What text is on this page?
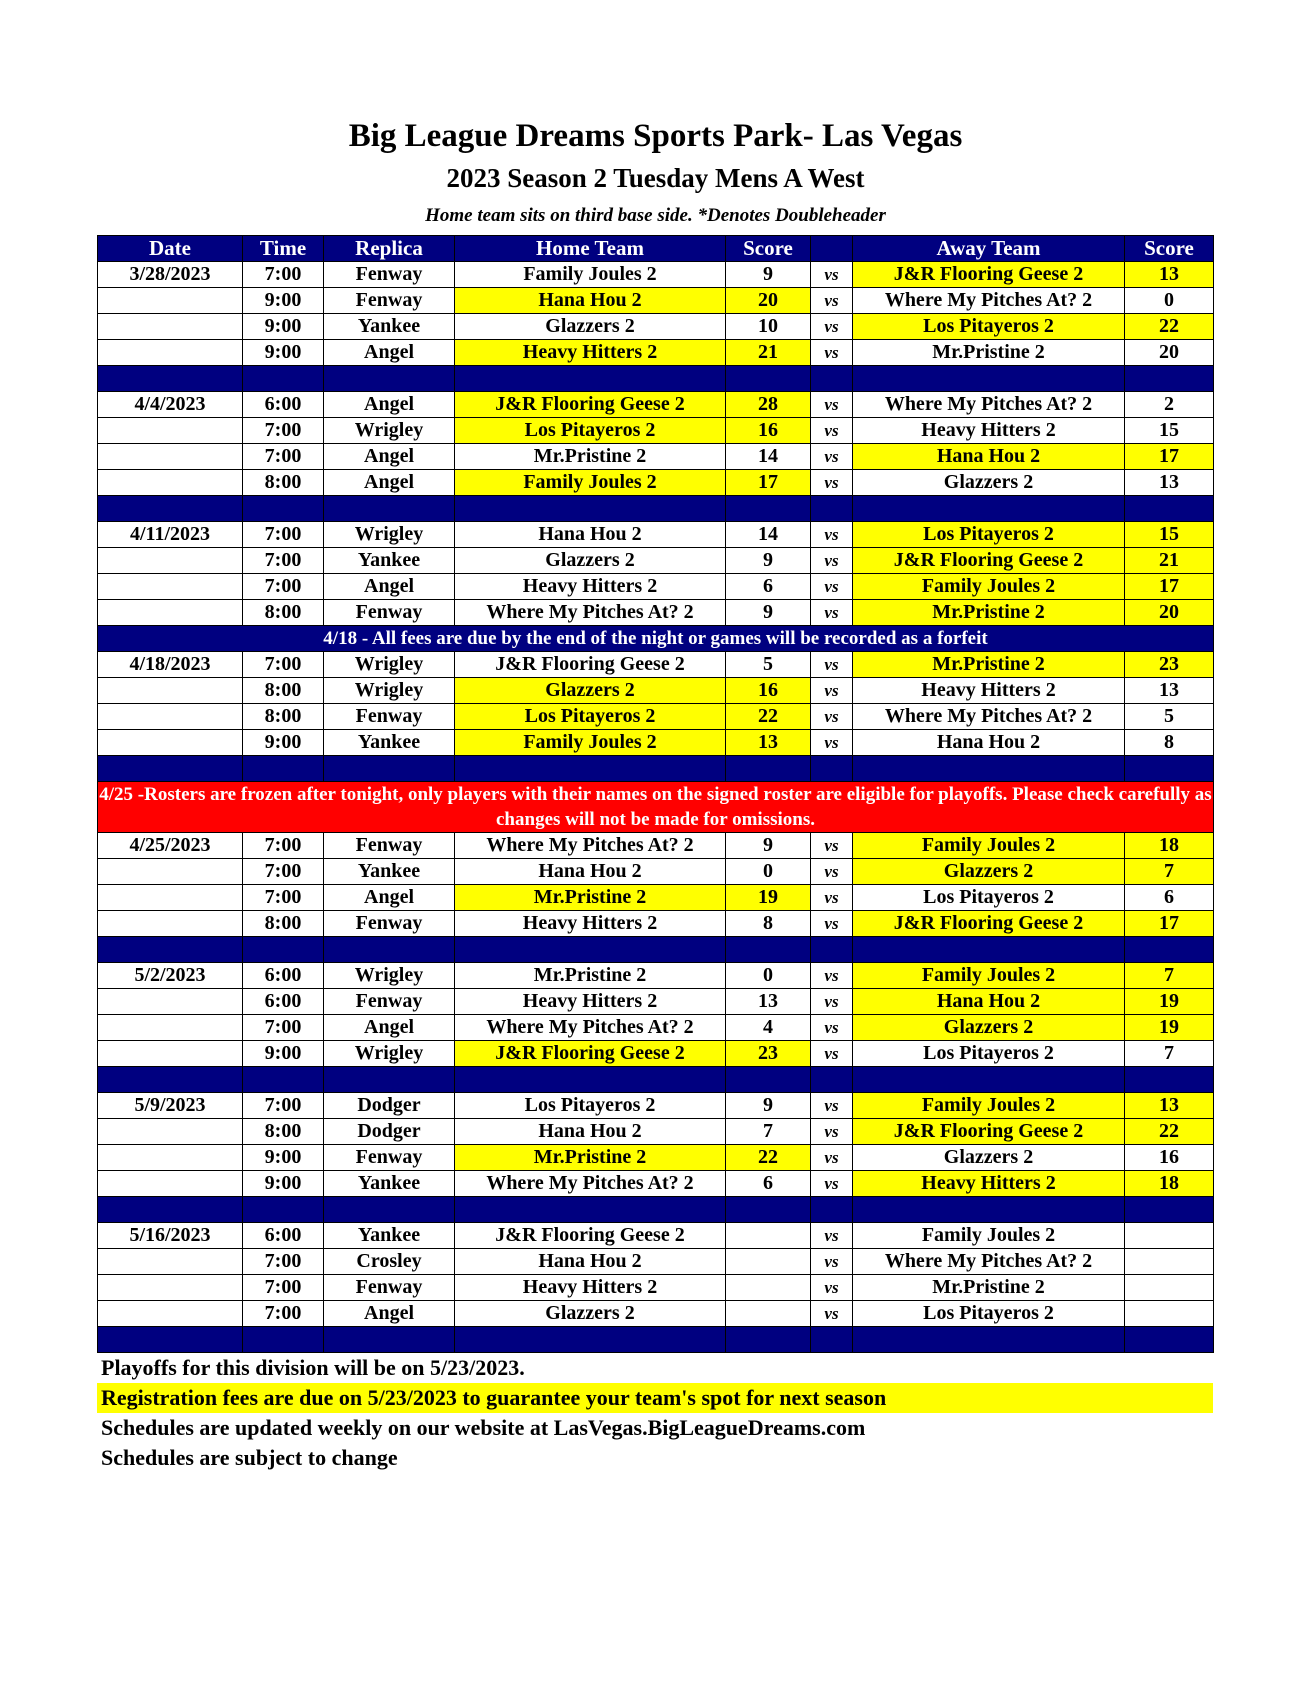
Big League Dreams Sports Park- Las Vegas
2023 Season 2 Tuesday Mens A West
Home team sits on third base side. *Denotes Doubleheader
Date	Time	Replica	Home Team	Score		Away Team	Score
3/28/2023	7:00	Fenway	Family Joules 2	9	vs	J&R Flooring Geese 2	13
	9:00	Fenway	Hana Hou 2	20	vs	Where My Pitches At? 2	0
	9:00	Yankee	Glazzers 2	10	vs	Los Pitayeros 2	22
	9:00	Angel	Heavy Hitters 2	21	vs	Mr.Pristine 2	20

4/4/2023	6:00	Angel	J&R Flooring Geese 2	28	vs	Where My Pitches At? 2	2
	7:00	Wrigley	Los Pitayeros 2	16	vs	Heavy Hitters 2	15
	7:00	Angel	Mr.Pristine 2	14	vs	Hana Hou 2	17
	8:00	Angel	Family Joules 2	17	vs	Glazzers 2	13

4/11/2023	7:00	Wrigley	Hana Hou 2	14	vs	Los Pitayeros 2	15
	7:00	Yankee	Glazzers 2	9	vs	J&R Flooring Geese 2	21
	7:00	Angel	Heavy Hitters 2	6	vs	Family Joules 2	17
	8:00	Fenway	Where My Pitches At? 2	9	vs	Mr.Pristine 2	20
4/18 - All fees are due by the end of the night or games will be recorded as a forfeit							
4/18/2023	7:00	Wrigley	J&R Flooring Geese 2	5	vs	Mr.Pristine 2	23
	8:00	Wrigley	Glazzers 2	16	vs	Heavy Hitters 2	13
	8:00	Fenway	Los Pitayeros 2	22	vs	Where My Pitches At? 2	5
	9:00	Yankee	Family Joules 2	13	vs	Hana Hou 2	8

4/25 -Rosters are frozen after tonight, only players with their names on the signed roster are eligible for playoffs. Please check carefully as changes will not be made for omissions.							
4/25/2023	7:00	Fenway	Where My Pitches At? 2	9	vs	Family Joules 2	18
	7:00	Yankee	Hana Hou 2	0	vs	Glazzers 2	7
	7:00	Angel	Mr.Pristine 2	19	vs	Los Pitayeros 2	6
	8:00	Fenway	Heavy Hitters 2	8	vs	J&R Flooring Geese 2	17

5/2/2023	6:00	Wrigley	Mr.Pristine 2	0	vs	Family Joules 2	7
	6:00	Fenway	Heavy Hitters 2	13	vs	Hana Hou 2	19
	7:00	Angel	Where My Pitches At? 2	4	vs	Glazzers 2	19
	9:00	Wrigley	J&R Flooring Geese 2	23	vs	Los Pitayeros 2	7

5/9/2023	7:00	Dodger	Los Pitayeros 2	9	vs	Family Joules 2	13
	8:00	Dodger	Hana Hou 2	7	vs	J&R Flooring Geese 2	22
	9:00	Fenway	Mr.Pristine 2	22	vs	Glazzers 2	16
	9:00	Yankee	Where My Pitches At? 2	6	vs	Heavy Hitters 2	18

5/16/2023	6:00	Yankee	J&R Flooring Geese 2		vs	Family Joules 2	
	7:00	Crosley	Hana Hou 2		vs	Where My Pitches At? 2	
	7:00	Fenway	Heavy Hitters 2		vs	Mr.Pristine 2	
	7:00	Angel	Glazzers 2		vs	Los Pitayeros 2	

Playoffs for this division will be on 5/23/2023.
Registration fees are due on 5/23/2023 to guarantee your team's spot for next season
Schedules are updated weekly on our website at LasVegas.BigLeagueDreams.com
Schedules are subject to change
